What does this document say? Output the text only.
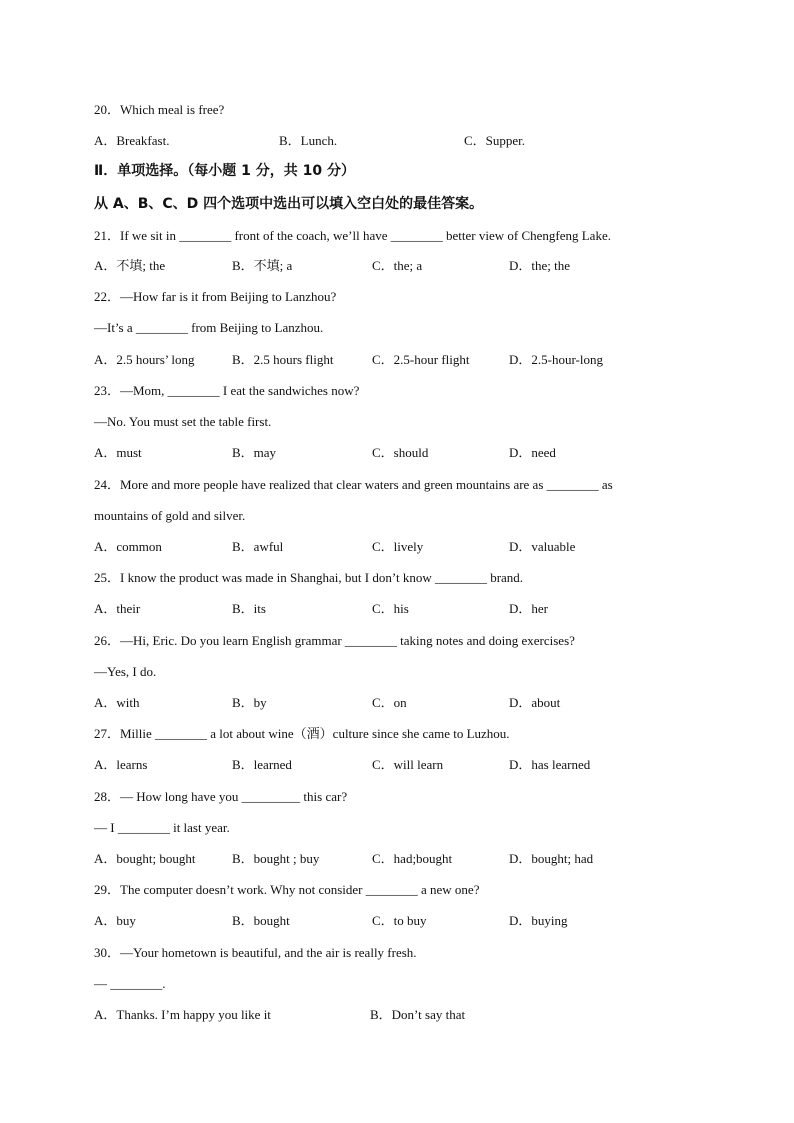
20．Which meal is free?
A．Breakfast.	B．Lunch.	C．Supper.
Ⅱ．单项选择。（每小题 1 分，共 10 分）
从 A、B、C、D 四个选项中选出可以填入空白处的最佳答案。
21．If we sit in ________ front of the coach, we’ll have ________ better view of Chengfeng Lake.
A．不填; the	B．不填; a	C．the; a	D．the; the
22．—How far is it from Beijing to Lanzhou?
—It’s a ________ from Beijing to Lanzhou.
A．2.5 hours’ long	B．2.5 hours flight	C．2.5-hour flight	D．2.5-hour-long
23．—Mom, ________ I eat the sandwiches now?
—No. You must set the table first.
A．must	B．may	C．should	D．need
24．More and more people have realized that clear waters and green mountains are as ________ as
mountains of gold and silver.
A．common	B．awful	C．lively	D．valuable
25．I know the product was made in Shanghai, but I don’t know ________ brand.
A．their	B．its	C．his	D．her
26．—Hi, Eric. Do you learn English grammar ________ taking notes and doing exercises?
—Yes, I do.
A．with	B．by	C．on	D．about
27．Millie ________ a lot about wine（酒）culture since she came to Luzhou.
A．learns	B．learned	C．will learn	D．has learned
28．— How long have you _________ this car?
— I ________ it last year.
A．bought; bought	B．bought ; buy	C．had;bought	D．bought; had
29．The computer doesn’t work. Why not consider ________ a new one?
A．buy	B．bought	C．to buy	D．buying
30．—Your hometown is beautiful, and the air is really fresh.
— ________.
A．Thanks. I’m happy you like it	B．Don’t say that
